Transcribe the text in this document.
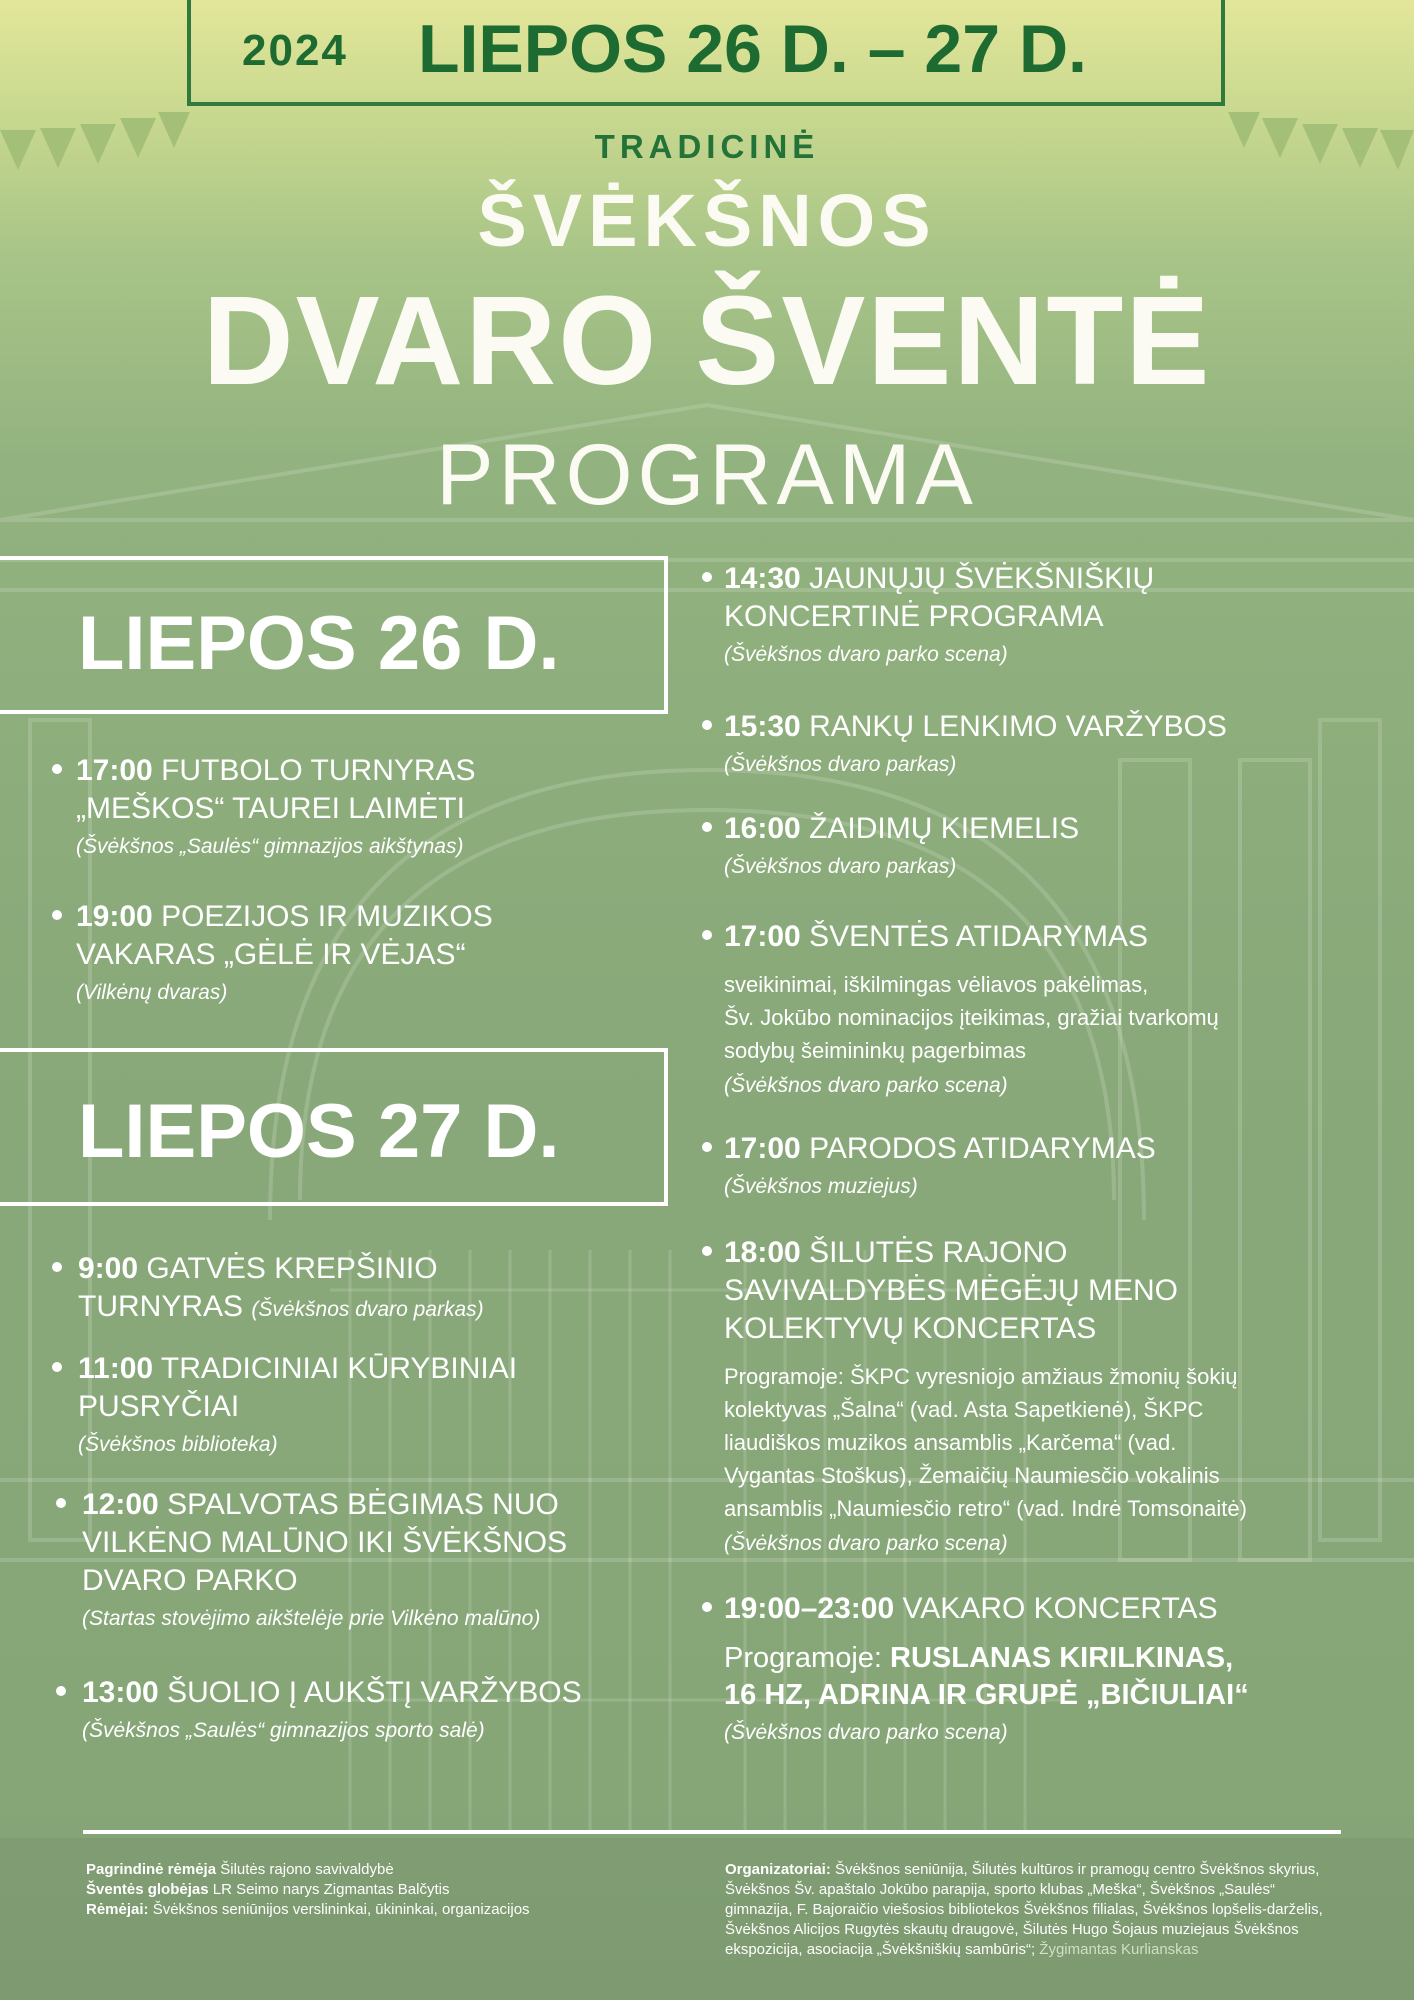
2024 LIEPOS 26 D. – 27 D.
TRADICINĖ
ŠVĖKŠNOS
DVARO ŠVENTĖ
PROGRAMA
LIEPOS 26 D.
17:00 FUTBOLO TURNYRAS
„MEŠKOS“ TAUREI LAIMĖTI
(Švėkšnos „Saulės“ gimnazijos aikštynas)
19:00 POEZIJOS IR MUZIKOS
VAKARAS „GĖLĖ IR VĖJAS“
(Vilkėnų dvaras)
LIEPOS 27 D.
9:00 GATVĖS KREPŠINIO
TURNYRAS (Švėkšnos dvaro parkas)
11:00 TRADICINIAI KŪRYBINIAI
PUSRYČIAI
(Švėkšnos biblioteka)
12:00 SPALVOTAS BĖGIMAS NUO
VILKĖNO MALŪNO IKI ŠVĖKŠNOS
DVARO PARKO
(Startas stovėjimo aikštelėje prie Vilkėno malūno)
13:00 ŠUOLIO Į AUKŠTĮ VARŽYBOS
(Švėkšnos „Saulės“ gimnazijos sporto salė)
14:30 JAUNŲJŲ ŠVĖKŠNIŠKIŲ
KONCERTINĖ PROGRAMA
(Švėkšnos dvaro parko scena)
15:30 RANKŲ LENKIMO VARŽYBOS
(Švėkšnos dvaro parkas)
16:00 ŽAIDIMŲ KIEMELIS
(Švėkšnos dvaro parkas)
17:00 ŠVENTĖS ATIDARYMAS
sveikinimai, iškilmingas vėliavos pakėlimas,
Šv. Jokūbo nominacijos įteikimas, gražiai tvarkomų
sodybų šeimininkų pagerbimas
(Švėkšnos dvaro parko scena)
17:00 PARODOS ATIDARYMAS
(Švėkšnos muziejus)
18:00 ŠILUTĖS RAJONO
SAVIVALDYBĖS MĖGĖJŲ MENO
KOLEKTYVŲ KONCERTAS
Programoje: ŠKPC vyresniojo amžiaus žmonių šokių
kolektyvas „Šalna“ (vad. Asta Sapetkienė), ŠKPC
liaudiškos muzikos ansamblis „Karčema“ (vad.
Vygantas Stoškus), Žemaičių Naumiesčio vokalinis
ansamblis „Naumiesčio retro“ (vad. Indrė Tomsonaitė)
(Švėkšnos dvaro parko scena)
19:00–23:00 VAKARO KONCERTAS
Programoje: RUSLANAS KIRILKINAS,
16 HZ, ADRINA IR GRUPĖ „BIČIULIAI“
(Švėkšnos dvaro parko scena)
Pagrindinė rėmėja Šilutės rajono savivaldybė
Šventės globėjas LR Seimo narys Zigmantas Balčytis
Rėmėjai: Švėkšnos seniūnijos verslininkai, ūkininkai, organizacijos
Organizatoriai: Švėkšnos seniūnija, Šilutės kultūros ir pramogų centro Švėkšnos skyrius,
Švėkšnos Šv. apaštalo Jokūbo parapija, sporto klubas „Meška“, Švėkšnos „Saulės“
gimnazija, F. Bajoraičio viešosios bibliotekos Švėkšnos filialas, Švėkšnos lopšelis-darželis,
Švėkšnos Alicijos Rugytės skautų draugovė, Šilutės Hugo Šojaus muziejaus Švėkšnos
ekspozicija, asociacija „Švėkšniškių sambūris“; Žygimantas Kurlianskas
